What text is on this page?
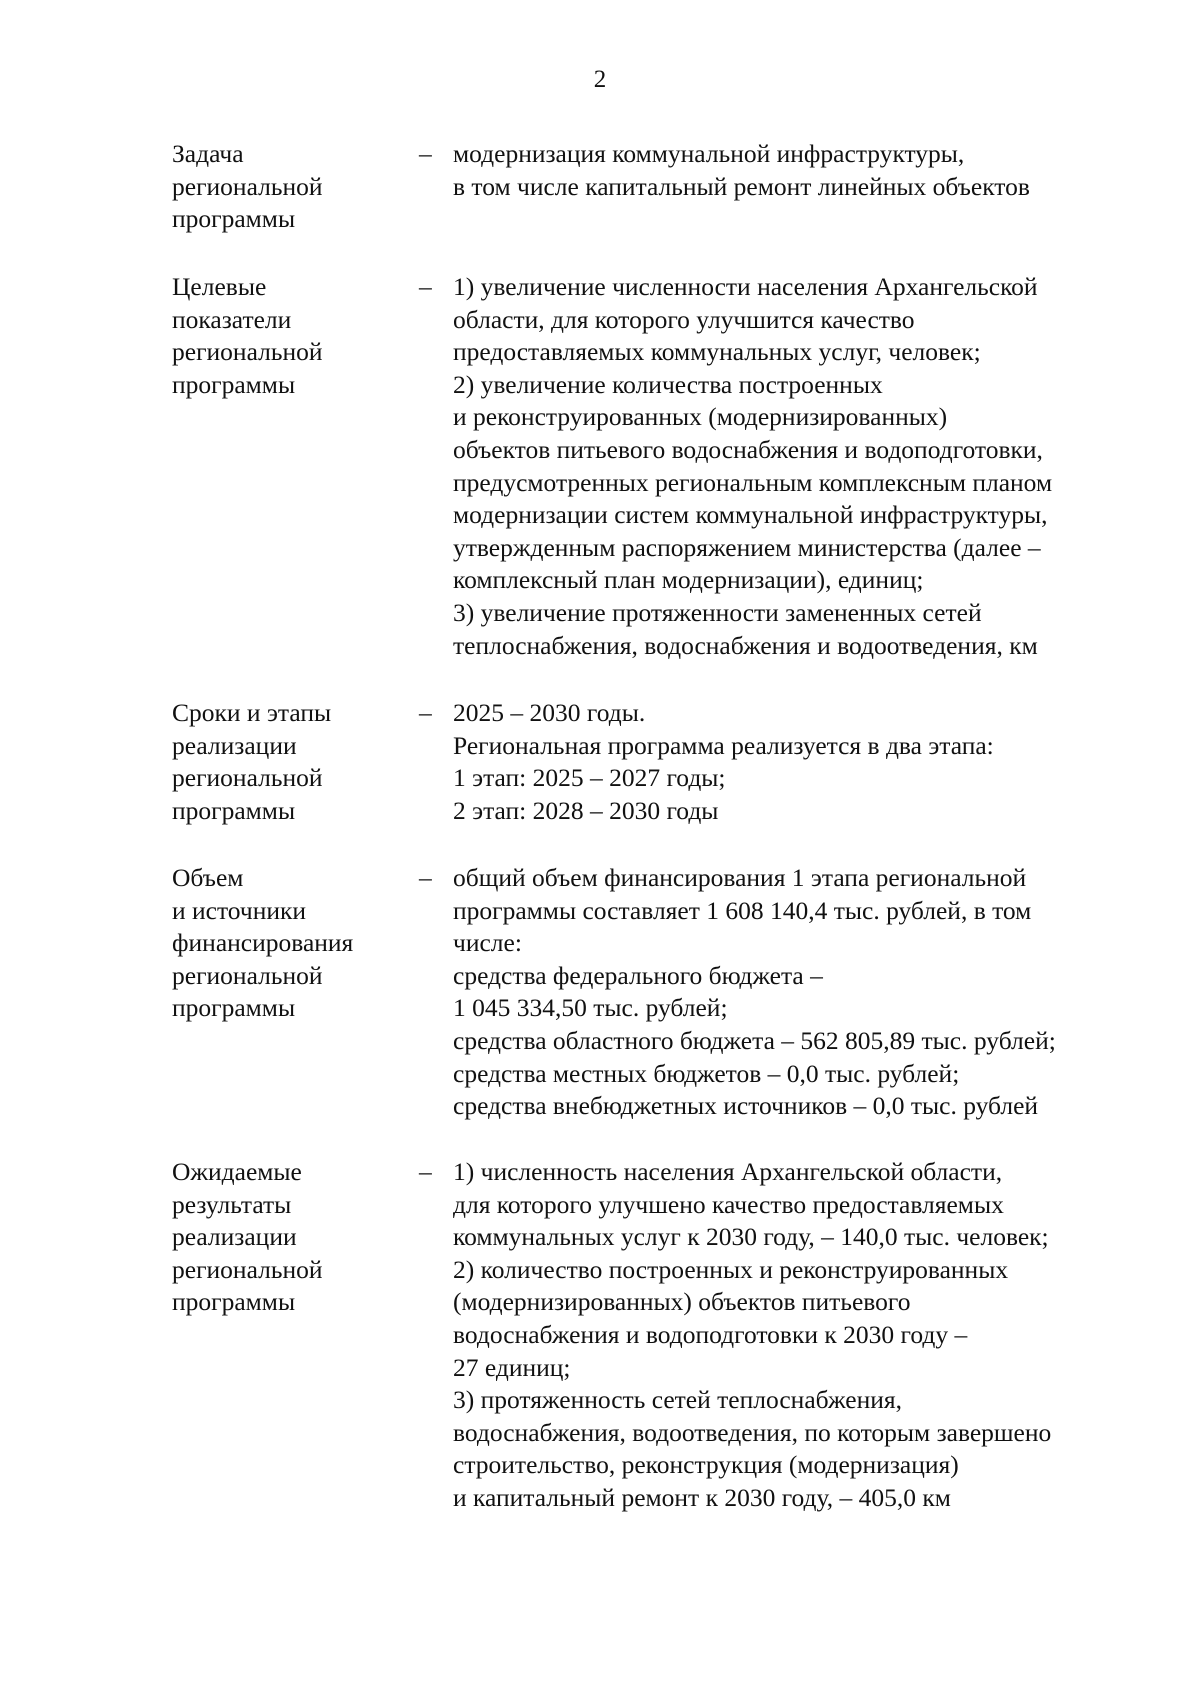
2
Задача
региональной
программы
– модернизация коммунальной инфраструктуры,
в том числе капитальный ремонт линейных объектов
Целевые
показатели
региональной
программы
– 1) увеличение численности населения Архангельской
области, для которого улучшится качество
предоставляемых коммунальных услуг, человек;
2) увеличение количества построенных
и реконструированных (модернизированных)
объектов питьевого водоснабжения и водоподготовки,
предусмотренных региональным комплексным планом
модернизации систем коммунальной инфраструктуры,
утвержденным распоряжением министерства (далее –
комплексный план модернизации), единиц;
3) увеличение протяженности замененных сетей
теплоснабжения, водоснабжения и водоотведения, км
Сроки и этапы
реализации
региональной
программы
– 2025 – 2030 годы.
Региональная программа реализуется в два этапа:
1 этап: 2025 – 2027 годы;
2 этап: 2028 – 2030 годы
Объем
и источники
финансирования
региональной
программы
– общий объем финансирования 1 этапа региональной
программы составляет 1 608 140,4 тыс. рублей, в том
числе:
средства федерального бюджета –
1 045 334,50 тыс. рублей;
средства областного бюджета – 562 805,89 тыс. рублей;
средства местных бюджетов – 0,0 тыс. рублей;
средства внебюджетных источников – 0,0 тыс. рублей
Ожидаемые
результаты
реализации
региональной
программы
– 1) численность населения Архангельской области,
для которого улучшено качество предоставляемых
коммунальных услуг к 2030 году, – 140,0 тыс. человек;
2) количество построенных и реконструированных
(модернизированных) объектов питьевого
водоснабжения и водоподготовки к 2030 году –
27 единиц;
3) протяженность сетей теплоснабжения,
водоснабжения, водоотведения, по которым завершено
строительство, реконструкция (модернизация)
и капитальный ремонт к 2030 году, – 405,0 км
